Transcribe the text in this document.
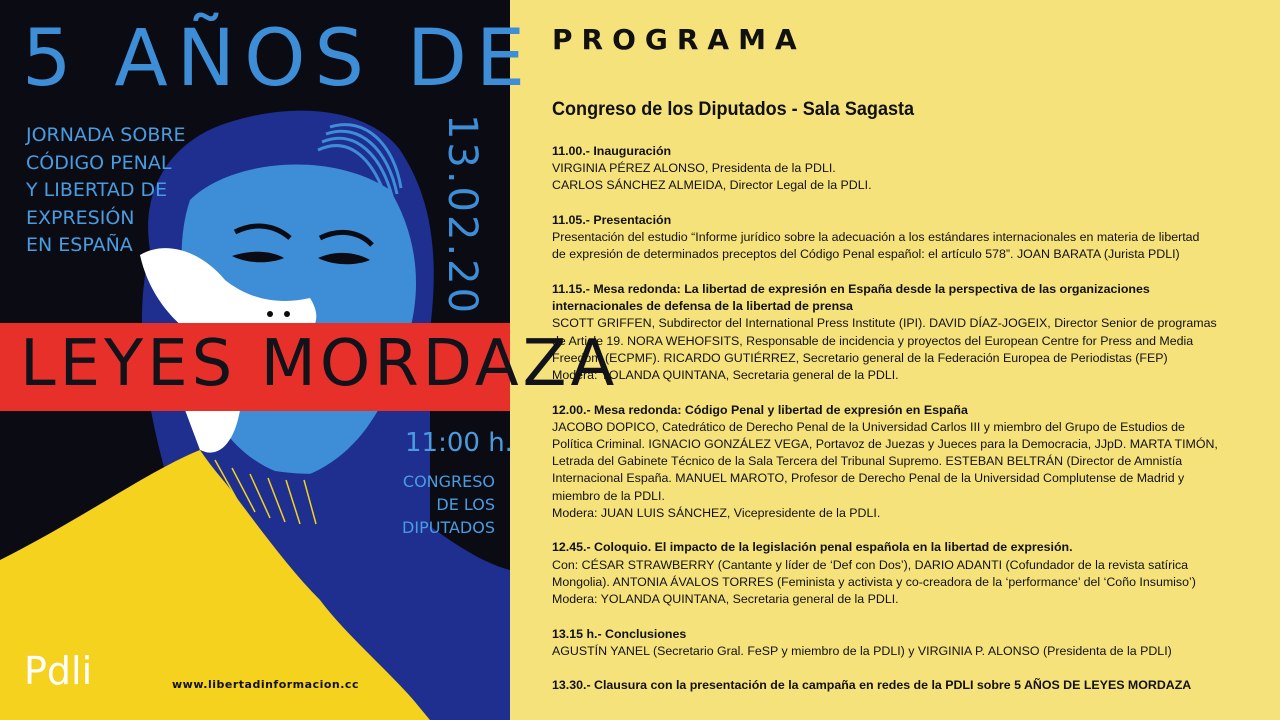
5 AÑOS DE
JORNADA SOBRE
CÓDIGO PENAL
Y LIBERTAD DE
EXPRESIÓN
EN ESPAÑA	13.02.20
LEYES MORDAZA
11:00 h.
CONGRESO
DE LOS
DIPUTADOS
Pdli	www.libertadinformacion.cc
PROGRAMA
Congreso de los Diputados - Sala Sagasta
11.00.- Inauguración
VIRGINIA PÉREZ ALONSO, Presidenta de la PDLI.
CARLOS SÁNCHEZ ALMEIDA, Director Legal de la PDLI.
11.05.- Presentación
Presentación del estudio “Informe jurídico sobre la adecuación a los estándares internacionales en materia de libertad
de expresión de determinados preceptos del Código Penal español: el artículo 578”. JOAN BARATA (Jurista PDLI)
11.15.- Mesa redonda: La libertad de expresión en España desde la perspectiva de las organizaciones
internacionales de defensa de la libertad de prensa
SCOTT GRIFFEN, Subdirector del International Press Institute (IPI). DAVID DÍAZ-JOGEIX, Director Senior de programas
de Article 19. NORA WEHOFSITS, Responsable de incidencia y proyectos del European Centre for Press and Media
Freedom (ECPMF). RICARDO GUTIÉRREZ, Secretario general de la Federación Europea de Periodistas (FEP)
Modera: YOLANDA QUINTANA, Secretaria general de la PDLI.
12.00.- Mesa redonda: Código Penal y libertad de expresión en España
JACOBO DOPICO, Catedrático de Derecho Penal de la Universidad Carlos III y miembro del Grupo de Estudios de
Política Criminal. IGNACIO GONZÁLEZ VEGA, Portavoz de Juezas y Jueces para la Democracia, JJpD. MARTA TIMÓN,
Letrada del Gabinete Técnico de la Sala Tercera del Tribunal Supremo. ESTEBAN BELTRÁN (Director de Amnistía
Internacional España. MANUEL MAROTO, Profesor de Derecho Penal de la Universidad Complutense de Madrid y
miembro de la PDLI.
Modera: JUAN LUIS SÁNCHEZ, Vicepresidente de la PDLI.
12.45.- Coloquio. El impacto de la legislación penal española en la libertad de expresión.
Con: CÉSAR STRAWBERRY (Cantante y líder de ‘Def con Dos’), DARIO ADANTI (Cofundador de la revista satírica
Mongolia). ANTONIA ÁVALOS TORRES (Feminista y activista y co-creadora de la ‘performance’ del ‘Coño Insumiso’)
Modera: YOLANDA QUINTANA, Secretaria general de la PDLI.
13.15 h.- Conclusiones
AGUSTÍN YANEL (Secretario Gral. FeSP y miembro de la PDLI) y VIRGINIA P. ALONSO (Presidenta de la PDLI)
13.30.- Clausura con la presentación de la campaña en redes de la PDLI sobre 5 AÑOS DE LEYES MORDAZA
